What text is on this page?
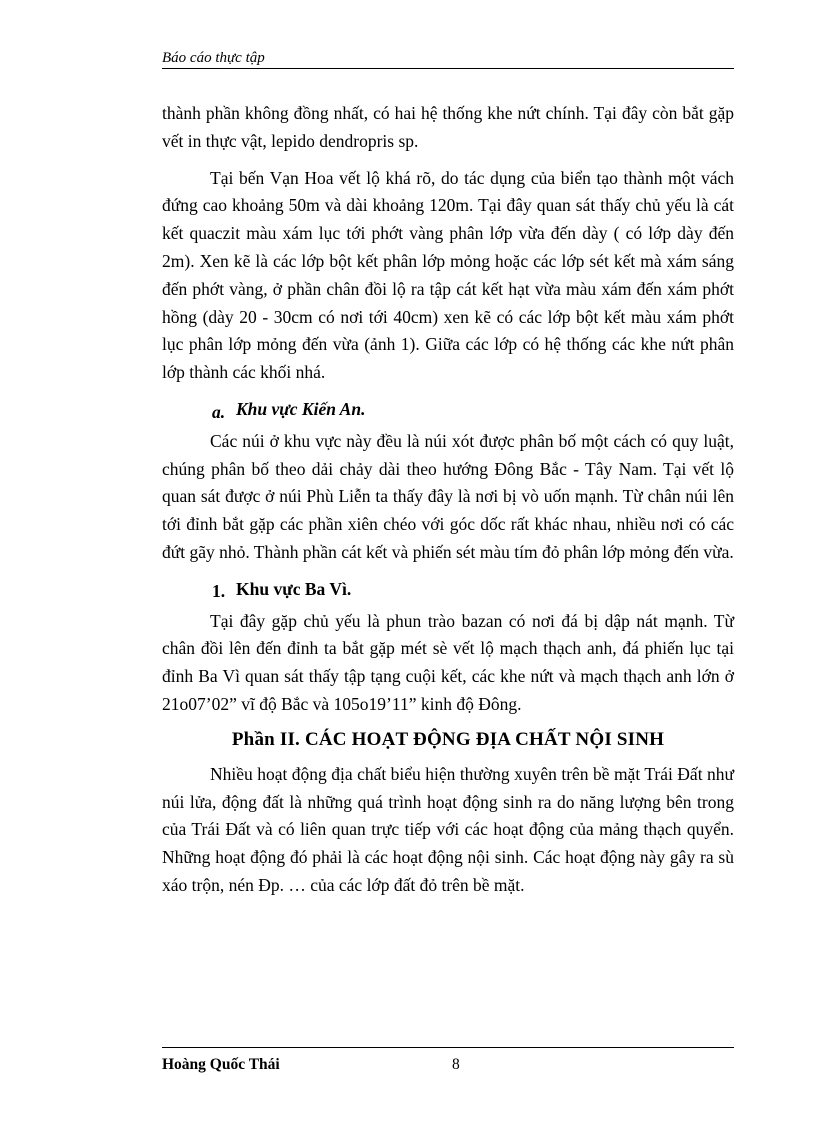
Báo cáo thực tập

thành phần không đồng nhất, có hai hệ thống khe nứt chính. Tại đây còn bắt gặp vết in thực vật, lepido dendropris sp.

Tại bến Vạn Hoa vết lộ khá rõ, do tác dụng của biển tạo thành một vách đứng cao khoảng 50m và dài khoảng 120m. Tại đây quan sát thấy chủ yếu là cát kết quaczit màu xám lục tới phớt vàng phân lớp vừa đến dày ( có lớp dày đến 2m). Xen kẽ là các lớp bột kết phân lớp mỏng hoặc các lớp sét kết mà xám sáng đến phớt vàng, ở phần chân đồi lộ ra tập cát kết hạt vừa màu xám đến xám phớt hồng (dày 20 - 30cm có nơi tới 40cm) xen kẽ có các lớp bột kết màu xám phớt lục phân lớp mỏng đến vừa (ảnh 1). Giữa các lớp có hệ thống các khe nứt phân lớp thành các khối nhá.

a. Khu vực Kiến An.

Các núi ở khu vực này đều là núi xót được phân bố một cách có quy luật, chúng phân bố theo dải chảy dài theo hướng Đông Bắc - Tây Nam. Tại vết lộ quan sát được ở núi Phù Liễn ta thấy đây là nơi bị vò uốn mạnh. Từ chân núi lên tới đỉnh bắt gặp các phần xiên chéo với góc dốc rất khác nhau, nhiều nơi có các đứt gãy nhỏ. Thành phần cát kết và phiến sét màu tím đỏ phân lớp mỏng đến vừa.

1. Khu vực Ba Vì.

Tại đây gặp chủ yếu là phun trào bazan có nơi đá bị dập nát mạnh. Từ chân đồi lên đến đỉnh ta bắt gặp mét sè vết lộ mạch thạch anh, đá phiến lục tại đỉnh Ba Vì quan sát thấy tập tạng cuội kết, các khe nứt và mạch thạch anh lớn ở 21o07’02” vĩ độ Bắc và 105o19’11” kinh độ Đông.

Phần II. CÁC HOẠT ĐỘNG ĐỊA CHẤT NỘI SINH

Nhiều hoạt động địa chất biểu hiện thường xuyên trên bề mặt Trái Đất như núi lửa, động đất là những quá trình hoạt động sinh ra do năng lượng bên trong của Trái Đất và có liên quan trực tiếp với các hoạt động của mảng thạch quyển. Những hoạt động đó phải là các hoạt động nội sinh. Các hoạt động này gây ra sù xáo trộn, nén Đp. … của các lớp đất đỏ trên bề mặt.

Hoàng Quốc Thái	8
